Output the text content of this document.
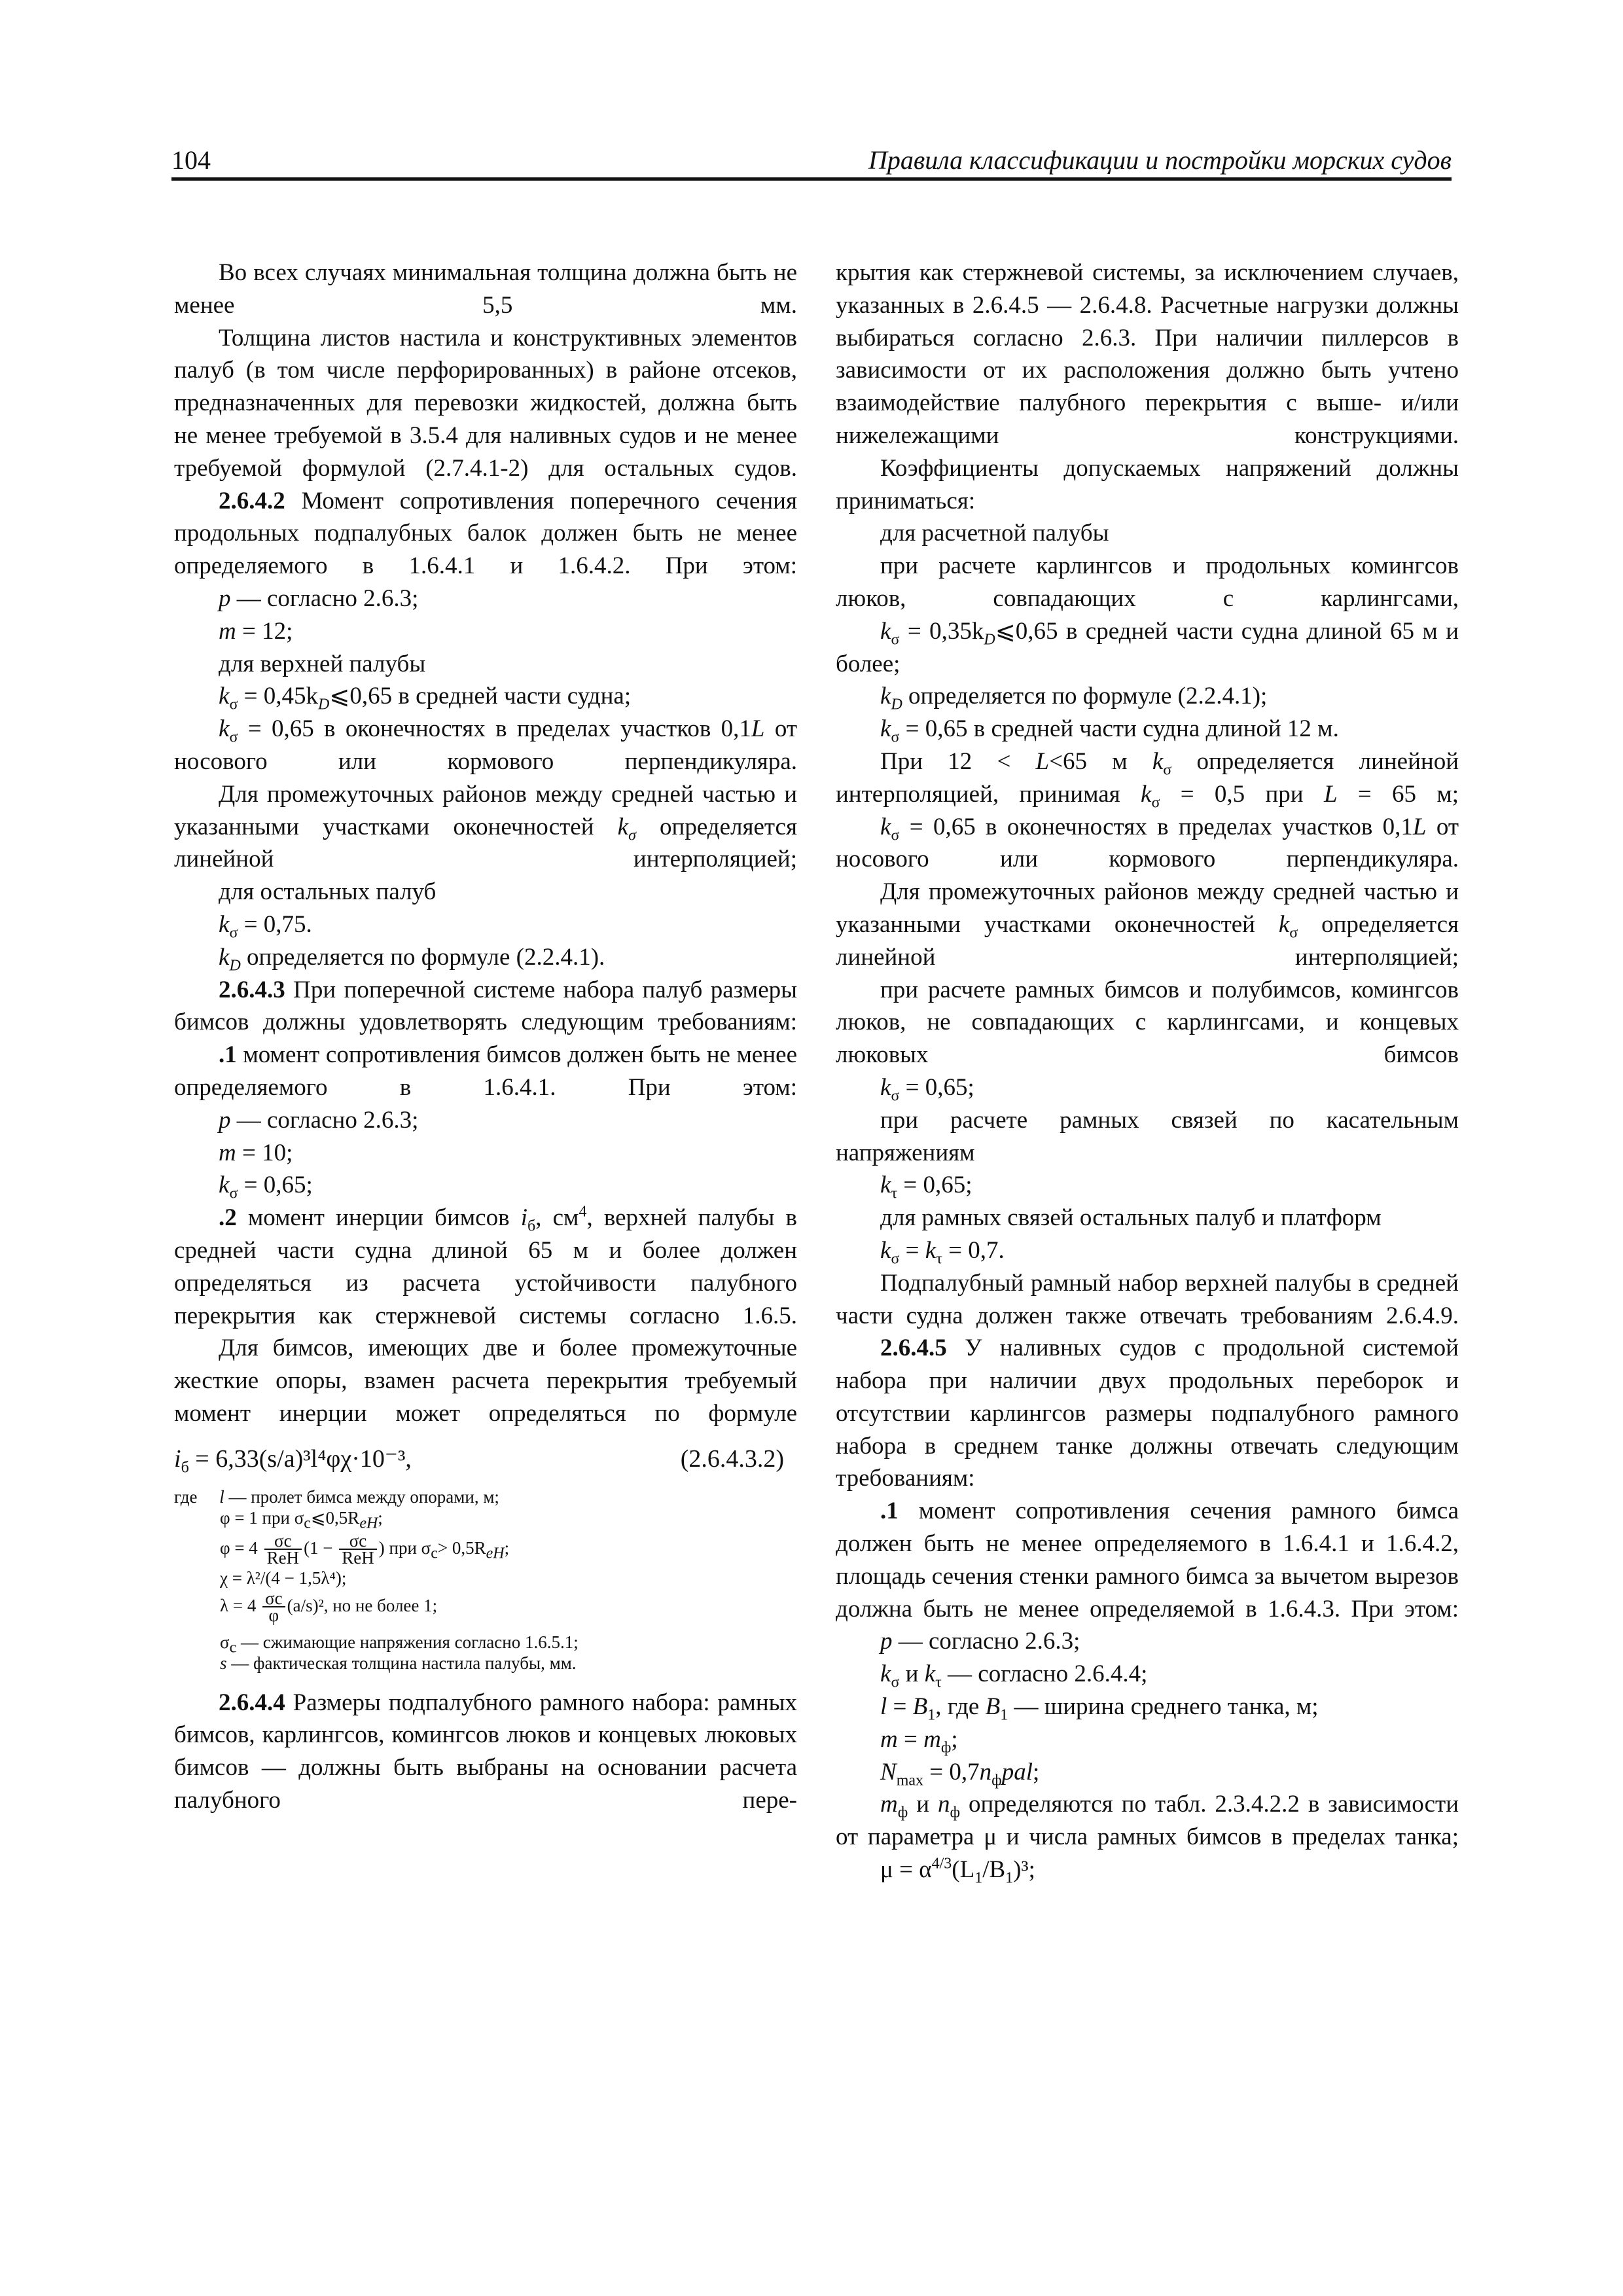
104	Правила классификации и постройки морских судов

Во всех случаях минимальная толщина должна быть не менее 5,5 мм.

Толщина листов настила и конструктивных элементов палуб (в том числе перфорированных) в районе отсеков, предназначенных для перевозки жидкостей, должна быть не менее требуемой в 3.5.4 для наливных судов и не менее требуемой формулой (2.7.4.1-2) для остальных судов.

2.6.4.2 Момент сопротивления поперечного сечения продольных подпалубных балок должен быть не менее определяемого в 1.6.4.1 и 1.6.4.2. При этом:

p — согласно 2.6.3;

m = 12;

для верхней палубы

$k_\sigma$ = $0,45k_D⩽0,65$ в средней части судна;

$k_\sigma = 0,65$ в оконечностях в пределах участков 0,1L от носового или кормового перпендикуляра.

Для промежуточных районов между средней частью и указанными участками оконечностей $k_\sigma$ определяется линейной интерполяцией;

для остальных палуб

$k_\sigma = 0,75$.

$k_D$ определяется по формуле (2.2.4.1).

2.6.4.3 При поперечной системе набора палуб размеры бимсов должны удовлетворять следующим требованиям:

.1 момент сопротивления бимсов должен быть не менее определяемого в 1.6.4.1. При этом:

p — согласно 2.6.3;

m = 10;

$k_\sigma = 0,65$;

.2 момент инерции бимсов $i_б$, $см^4$, верхней палубы в средней части судна длиной 65 м и более должен определяться из расчета устойчивости палубного перекрытия как стержневой системы согласно 1.6.5.

Для бимсов, имеющих две и более промежуточные жесткие опоры, взамен расчета перекрытия требуемый момент инерции может определяться по формуле

$i_б = 6,33(s/a)^3l^4\varphi\chi\cdot 10^{-3}$,	(2.6.4.3.2)
где l — пролет бимса между опорами, м;
φ = 1 при $\sigma_c⩽0,5R_{eH}$;
$\varphi = 4 \frac{\sigma c}{\text{ReH}} (1 - \frac{\sigma c}{\text{ReH}}$ ) при $\sigma_c> 0,5R_{eH}$;
χ = λ²/(4 − 1,5λ⁴);
$\lambda = 4 \frac{\sigma c}{\varphi} (a/s)^2$, но не более 1;
$\sigma_c$ — сжимающие напряжения согласно 1.6.5.1;
s — фактическая толщина настила палубы, мм.

2.6.4.4 Размеры подпалубного рамного набора: рамных бимсов, карлингсов, комингсов люков и концевых люковых бимсов — должны быть выбраны на основании расчета палубного пере-

крытия как стержневой системы, за исключением случаев, указанных в 2.6.4.5 — 2.6.4.8. Расчетные нагрузки должны выбираться согласно 2.6.3. При наличии пиллерсов в зависимости от их расположения должно быть учтено взаимодействие палубного перекрытия с выше- и/или нижележащими конструкциями.

Коэффициенты допускаемых напряжений должны приниматься:

для расчетной палубы

при расчете карлингсов и продольных комингсов люков, совпадающих с карлингсами,

$k_\sigma$ = $0,35k_D⩽0,65$ в средней части судна длиной 65 м и более;

$k_D$ определяется по формуле (2.2.4.1);

$k_\sigma = 0,65$ в средней части судна длиной 12 м.

При 12 < L<65 м $k_\sigma$ определяется линейной интерполяцией, принимая $k_\sigma = 0,5$ при L = 65 м;

$k_\sigma = 0,65$ в оконечностях в пределах участков 0,1L от носового или кормового перпендикуляра.

Для промежуточных районов между средней частью и указанными участками оконечностей $k_\sigma$ определяется линейной интерполяцией;

при расчете рамных бимсов и полубимсов, комингсов люков, не совпадающих с карлингсами, и концевых люковых бимсов

$k_\sigma = 0,65$;

при расчете рамных связей по касательным напряжениям

$k_\tau = 0,65$;

для рамных связей остальных палуб и платформ

$k_\sigma = k_\tau = 0,7$.

Подпалубный рамный набор верхней палубы в средней части судна должен также отвечать требованиям 2.6.4.9.

2.6.4.5 У наливных судов с продольной системой набора при наличии двух продольных переборок и отсутствии карлингсов размеры подпалубного рамного набора в среднем танке должны отвечать следующим требованиям:

.1 момент сопротивления сечения рамного бимса должен быть не менее определяемого в 1.6.4.1 и 1.6.4.2, площадь сечения стенки рамного бимса за вычетом вырезов должна быть не менее определяемой в 1.6.4.3. При этом:

p — согласно 2.6.3;

$k_\sigma$ и $k_\tau$ — согласно 2.6.4.4;

$l = B_1$, где $B_1$ — ширина среднего танка, м;

$m = m_ф$;

$N_{max} = 0,7n_фpal$;

$m_ф$ и $n_ф$ определяются по табл. 2.3.4.2.2 в зависимости от параметра μ и числа рамных бимсов в пределах танка;

$\mu = \alpha^{4/3}(L_1/B_1)^3$;
